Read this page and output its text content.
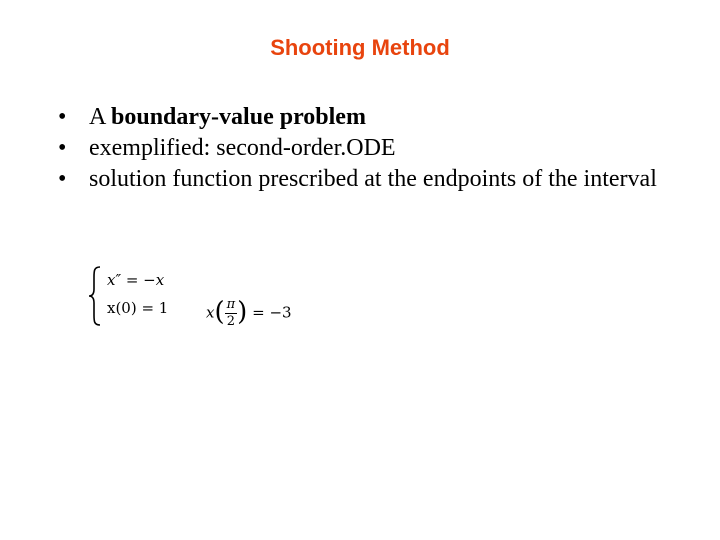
Shooting Method
• A boundary-value problem
• exemplified: second-order.ODE
• solution function prescribed at the endpoints of the interval
x″ = −x
x(0) = 1	$x( \frac{\pi}{2}$ ) = −3
